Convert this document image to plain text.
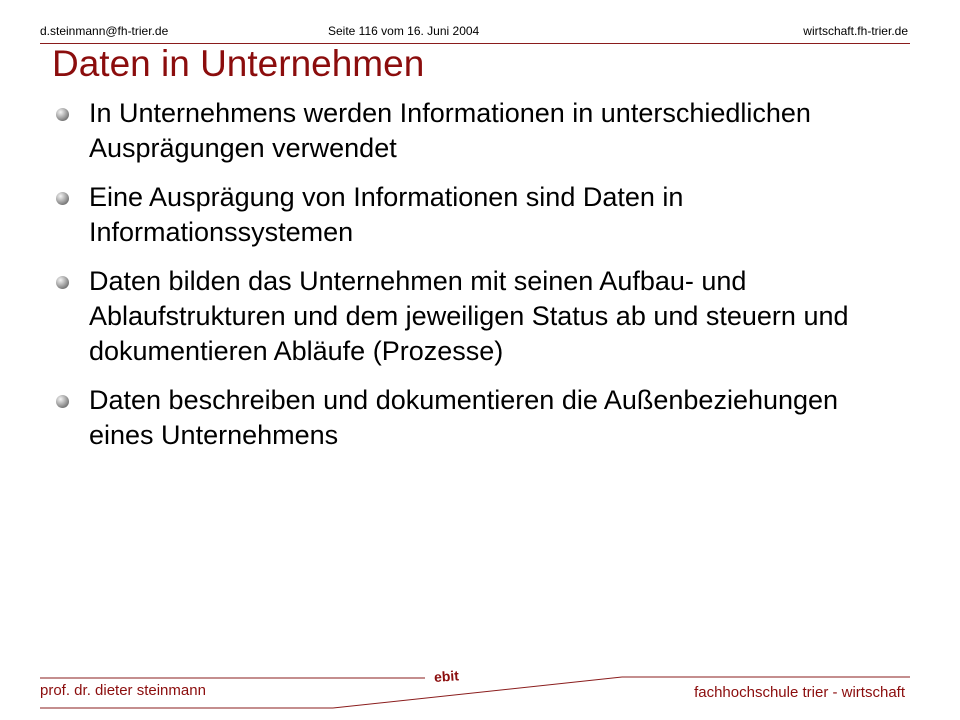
d.steinmann@fh-trier.de	Seite 116 vom 16. Juni 2004	wirtschaft.fh-trier.de
Daten in Unternehmen
In Unternehmens werden Informationen in unterschiedlichen Ausprägungen verwendet
Eine Ausprägung von Informationen sind Daten in Informationssystemen
Daten bilden das Unternehmen mit seinen Aufbau- und Ablaufstrukturen und dem jeweiligen Status ab und steuern und dokumentieren Abläufe (Prozesse)
Daten beschreiben und dokumentieren die Außenbeziehungen eines Unternehmens
ebit
prof. dr. dieter steinmann	fachhochschule trier - wirtschaft
